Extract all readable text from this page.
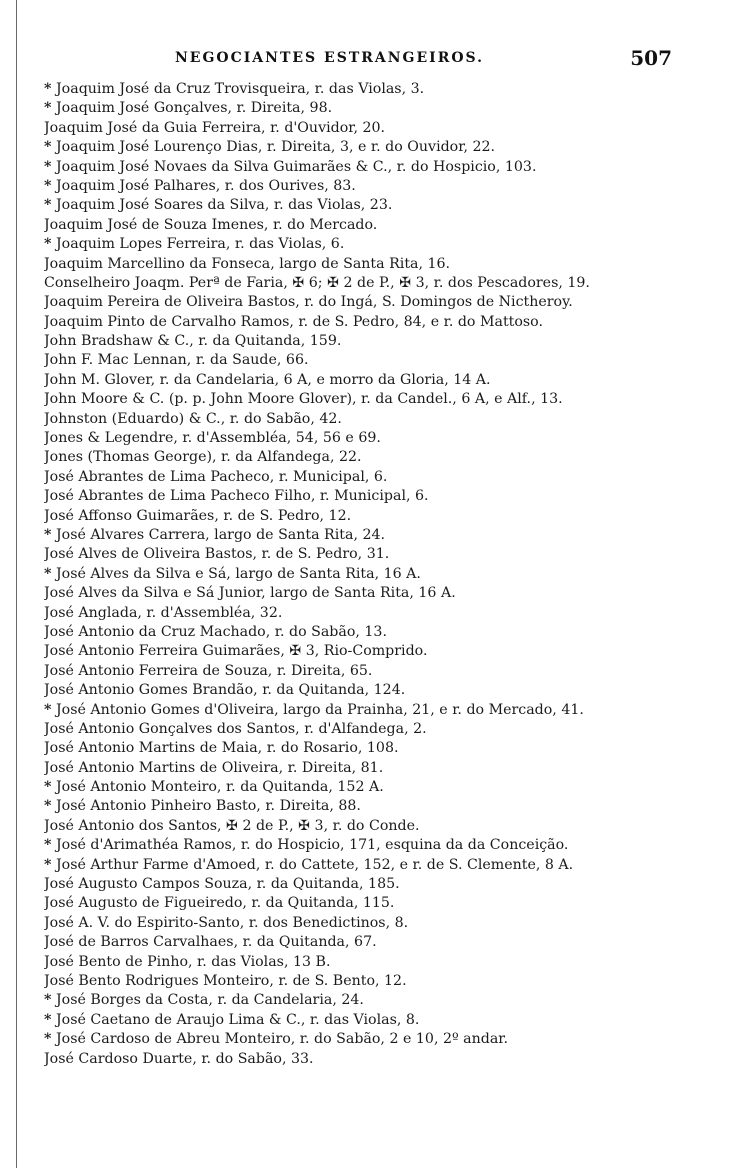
NEGOCIANTES ESTRANGEIROS.	507
* Joaquim José da Cruz Trovisqueira, r. das Violas, 3.
* Joaquim José Gonçalves, r. Direita, 98.
Joaquim José da Guia Ferreira, r. d'Ouvidor, 20.
* Joaquim José Lourenço Dias, r. Direita, 3, e r. do Ouvidor, 22.
* Joaquim José Novaes da Silva Guimarães & C., r. do Hospicio, 103.
* Joaquim José Palhares, r. dos Ourives, 83.
* Joaquim José Soares da Silva, r. das Violas, 23.
Joaquim José de Souza Imenes, r. do Mercado.
* Joaquim Lopes Ferreira, r. das Violas, 6.
Joaquim Marcellino da Fonseca, largo de Santa Rita, 16.
Conselheiro Joaqm. Perª de Faria, ✠ 6; ✠ 2 de P., ✠ 3, r. dos Pescadores, 19.
Joaquim Pereira de Oliveira Bastos, r. do Ingá, S. Domingos de Nictheroy.
Joaquim Pinto de Carvalho Ramos, r. de S. Pedro, 84, e r. do Mattoso.
John Bradshaw & C., r. da Quitanda, 159.
John F. Mac Lennan, r. da Saude, 66.
John M. Glover, r. da Candelaria, 6 A, e morro da Gloria, 14 A.
John Moore & C. (p. p. John Moore Glover), r. da Candel., 6 A, e Alf., 13.
Johnston (Eduardo) & C., r. do Sabão, 42.
Jones & Legendre, r. d'Assembléa, 54, 56 e 69.
Jones (Thomas George), r. da Alfandega, 22.
José Abrantes de Lima Pacheco, r. Municipal, 6.
José Abrantes de Lima Pacheco Filho, r. Municipal, 6.
José Affonso Guimarães, r. de S. Pedro, 12.
* José Alvares Carrera, largo de Santa Rita, 24.
José Alves de Oliveira Bastos, r. de S. Pedro, 31.
* José Alves da Silva e Sá, largo de Santa Rita, 16 A.
José Alves da Silva e Sá Junior, largo de Santa Rita, 16 A.
José Anglada, r. d'Assembléa, 32.
José Antonio da Cruz Machado, r. do Sabão, 13.
José Antonio Ferreira Guimarães, ✠ 3, Rio-Comprido.
José Antonio Ferreira de Souza, r. Direita, 65.
José Antonio Gomes Brandão, r. da Quitanda, 124.
* José Antonio Gomes d'Oliveira, largo da Prainha, 21, e r. do Mercado, 41.
José Antonio Gonçalves dos Santos, r. d'Alfandega, 2.
José Antonio Martins de Maia, r. do Rosario, 108.
José Antonio Martins de Oliveira, r. Direita, 81.
* José Antonio Monteiro, r. da Quitanda, 152 A.
* José Antonio Pinheiro Basto, r. Direita, 88.
José Antonio dos Santos, ✠ 2 de P., ✠ 3, r. do Conde.
* José d'Arimathéa Ramos, r. do Hospicio, 171, esquina da da Conceição.
* José Arthur Farme d'Amoed, r. do Cattete, 152, e r. de S. Clemente, 8 A.
José Augusto Campos Souza, r. da Quitanda, 185.
José Augusto de Figueiredo, r. da Quitanda, 115.
José A. V. do Espirito-Santo, r. dos Benedictinos, 8.
José de Barros Carvalhaes, r. da Quitanda, 67.
José Bento de Pinho, r. das Violas, 13 B.
José Bento Rodrigues Monteiro, r. de S. Bento, 12.
* José Borges da Costa, r. da Candelaria, 24.
* José Caetano de Araujo Lima & C., r. das Violas, 8.
* José Cardoso de Abreu Monteiro, r. do Sabão, 2 e 10, 2º andar.
José Cardoso Duarte, r. do Sabão, 33.
